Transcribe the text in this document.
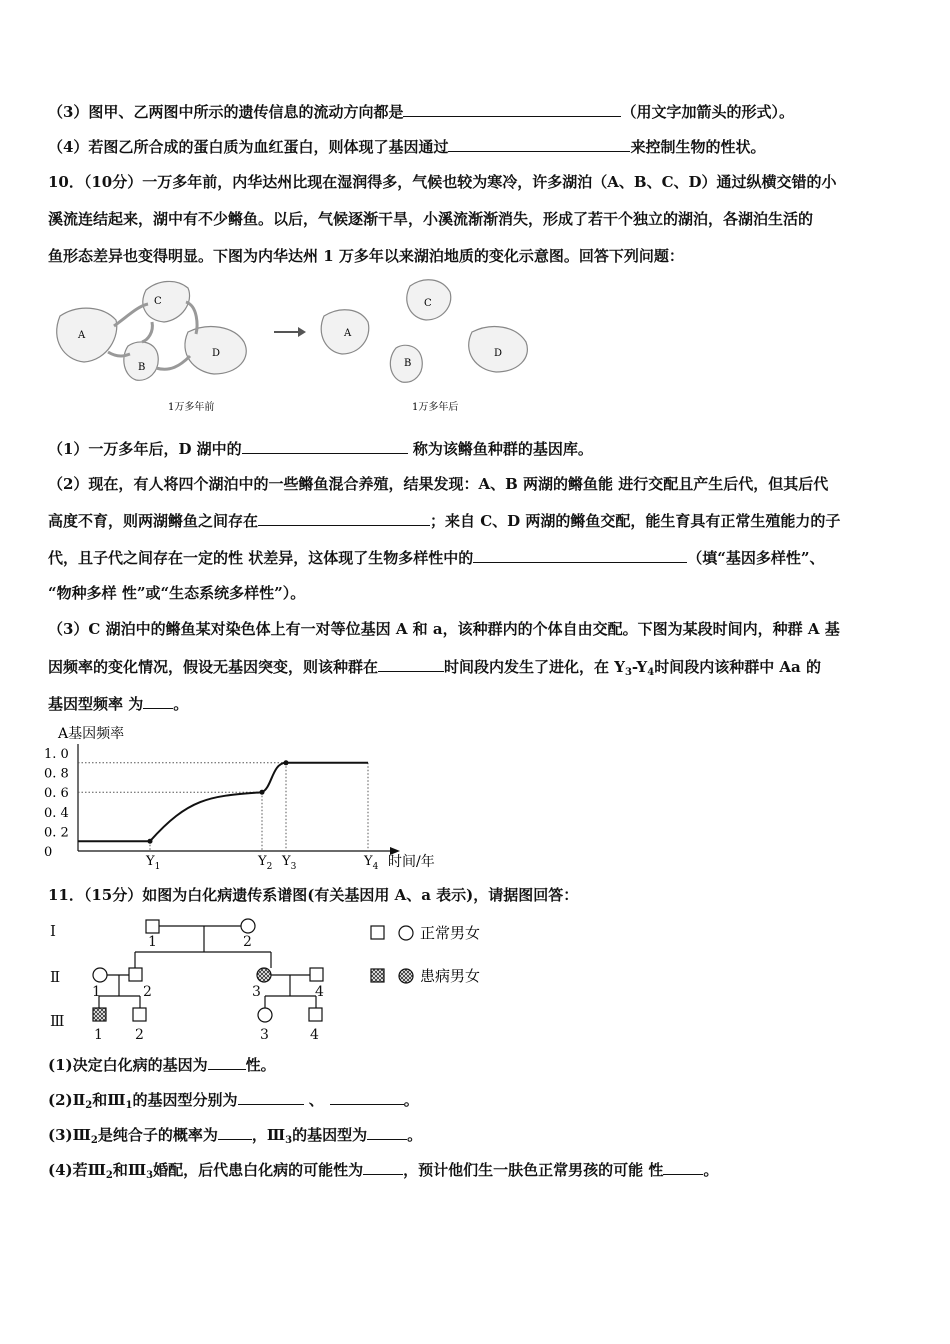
（3）图甲、乙两图中所示的遗传信息的流动方向都是	（用文字加箭头的形式）。
（4）若图乙所合成的蛋白质为血红蛋白，则体现了基因通过	来控制生物的性状。
10．（10分）一万多年前，内华达州比现在湿润得多，气候也较为寒冷，许多湖泊（A、B、C、D）通过纵横交错的小
溪流连结起来，湖中有不少鳉鱼。以后，气候逐渐干旱，小溪流渐渐消失，形成了若干个独立的湖泊，各湖泊生活的
鱼形态差异也变得明显。下图为内华达州 1 万多年以来湖泊地质的变化示意图。回答下列问题：
A
C
B
D
1万多年前
A
C
B
D
1万多年后
（1）一万多年后，D 湖中的	称为该鳉鱼种群的基因库。
（2）现在，有人将四个湖泊中的一些鳉鱼混合养殖，结果发现：A、B 两湖的鳉鱼能 进行交配且产生后代，但其后代
高度不育，则两湖鳉鱼之间存在	；来自 C、D 两湖的鳉鱼交配，能生育具有正常生殖能力的子
代，且子代之间存在一定的性 状差异，这体现了生物多样性中的	（填“基因多样性”、
“物种多样 性”或“生态系统多样性”）。
（3）C 湖泊中的鳉鱼某对染色体上有一对等位基因 A 和 a，该种群内的个体自由交配。下图为某段时间内，种群 A 基
因频率的变化情况，假设无基因突变，则该种群在	时间段内发生了进化，在 $Y_3-Y_4$时间段内该种群中 Aa 的
基因型频率 为 。
A基因频率
1. 0
0. 8
0. 6
0. 4
0. 2
0
$Y_1$	$Y_2$ $Y_3$	$Y_4$ 时间/年
11．（15分）如图为白化病遗传系谱图(有关基因用 A、a 表示)，请据图回答：
Ⅰ
Ⅱ
Ⅲ
1	2
1	2	3	4
1 2	3	4
正常男女
患病男女
(1)决定白化病的基因为	性。
$(2)Ⅱ_2$和$Ⅲ_1$的基因型分别为	、	。
$(3)Ⅲ_2$是纯合子的概率为 ，$Ⅲ_3$的基因型为	。
(4)若$Ⅲ_2$和$Ⅲ_3$婚配，后代患白化病的可能性为	，预计他们生一肤色正常男孩的可能 性	。
